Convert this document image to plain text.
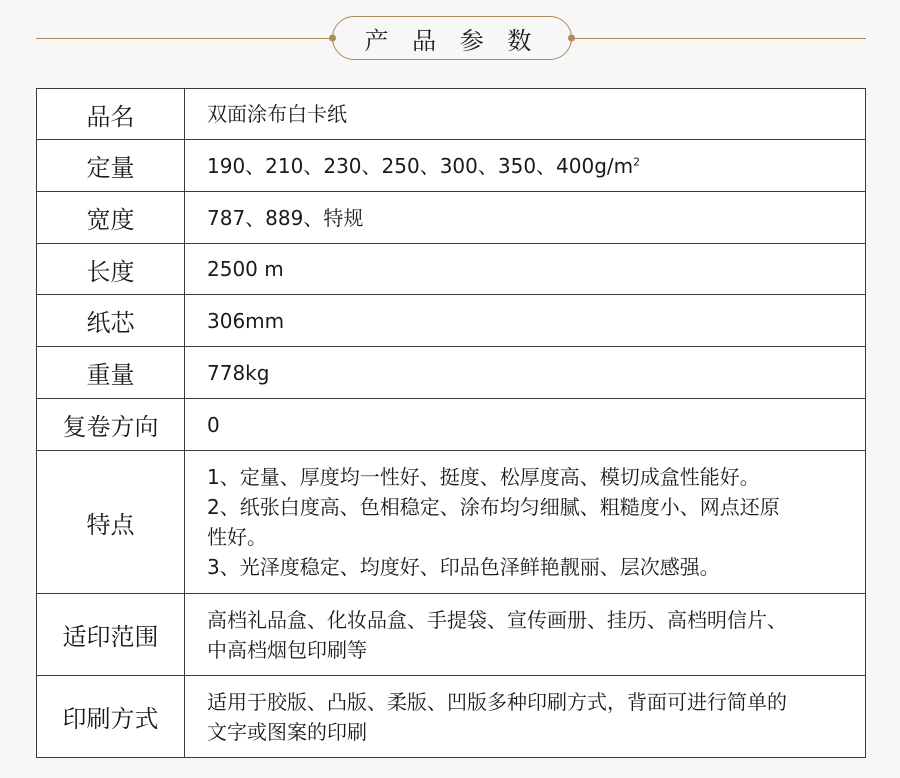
产 品 参 数
品名	双面涂布白卡纸
定量	190、210、230、250、300、350、$400g/m^2$
宽度	787、889、特规
长度	2500 m
纸芯	306mm
重量	778kg
复卷方向	0
特点	1、定量、厚度均一性好、挺度、松厚度高、模切成盒性能好。
2、纸张白度高、色相稳定、涂布均匀细腻、粗糙度小、网点还原
性好。
3、光泽度稳定、均度好、印品色泽鲜艳靓丽、层次感强。

适印范围	高档礼品盒、化妆品盒、手提袋、宣传画册、挂历、高档明信片、
中高档烟包印刷等

印刷方式	适用于胶版、凸版、柔版、凹版多种印刷方式，背面可进行简单的
文字或图案的印刷
